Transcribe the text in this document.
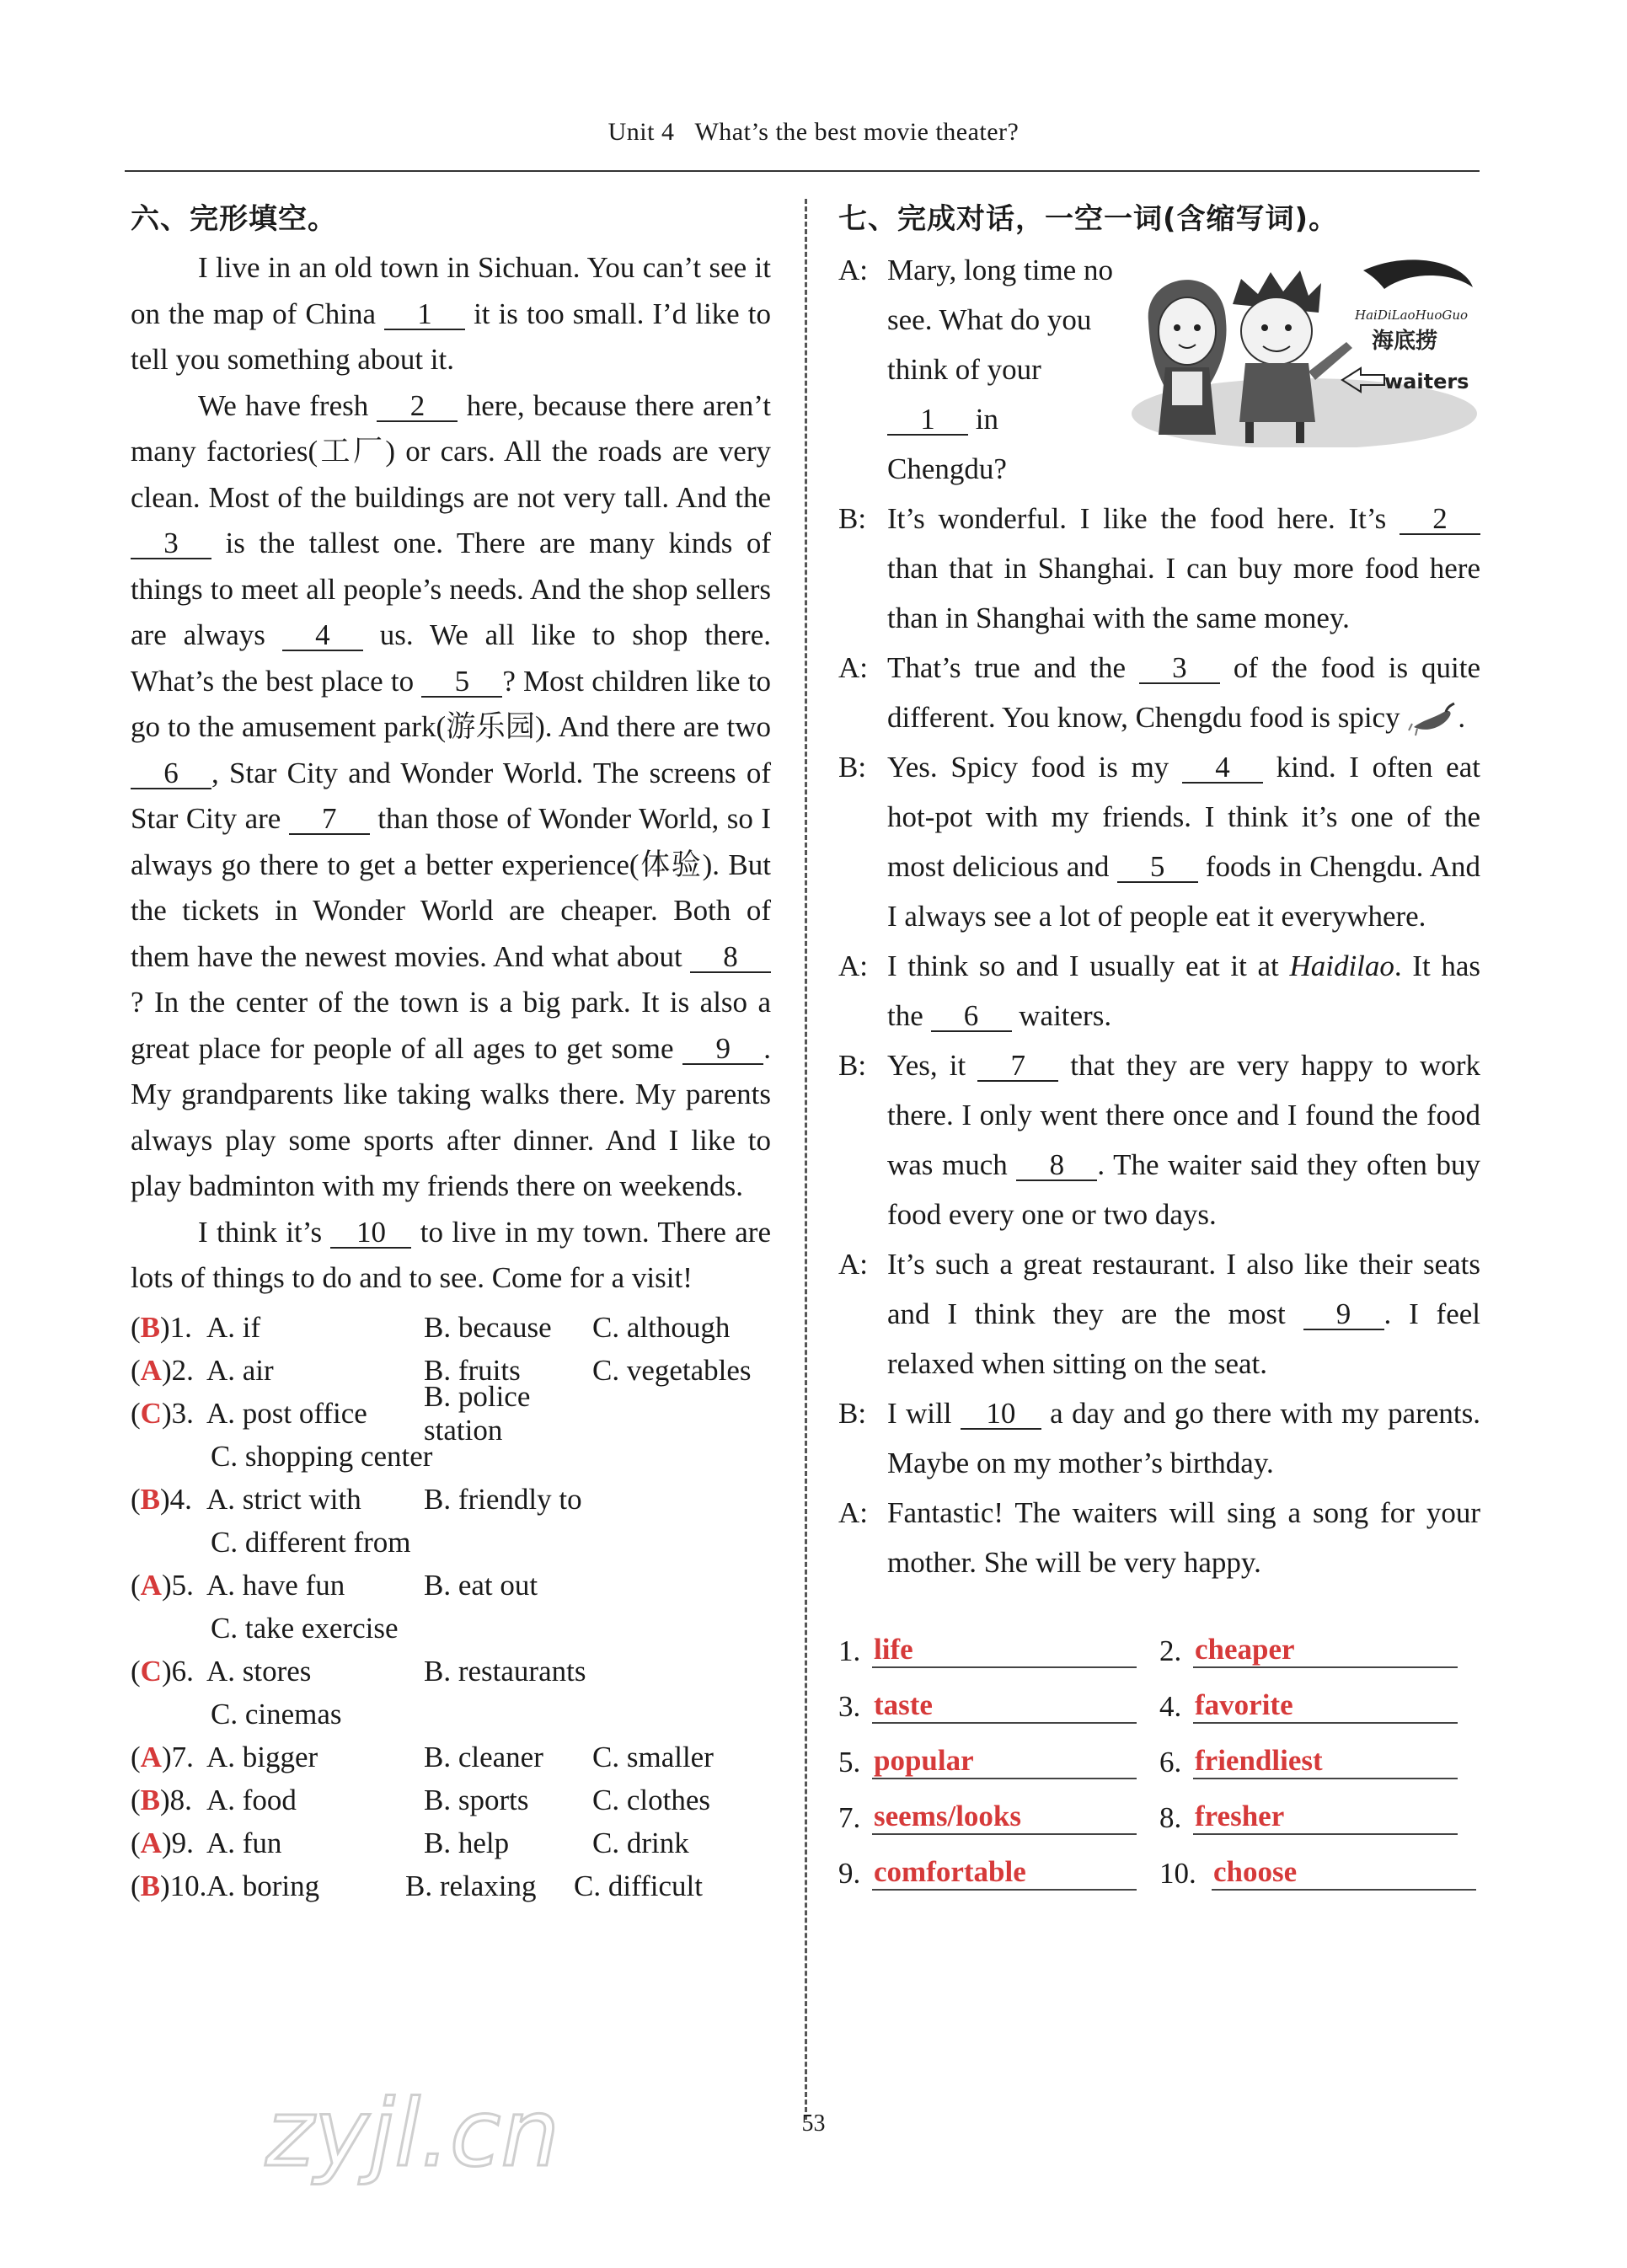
Unit 4 What’s the best movie theater?
六、完形填空。

I live in an old town in Sichuan. You can’t see it on the map of China 1 it is too small. I’d like to tell you something about it.

We have fresh 2 here, because there aren’t many factories(工厂) or cars. All the roads are very clean. Most of the buildings are not very tall. And the 3 is the tallest one. There are many kinds of things to meet all people’s needs. And the shop sellers are always 4 us. We all like to shop there. What’s the best place to 5 ? Most children like to go to the amusement park(游乐园). And there are two 6 , Star City and Wonder World. The screens of Star City are 7 than those of Wonder World, so I always go there to get a better experience(体验). But the tickets in Wonder World are cheaper. Both of them have the newest movies. And what about 8? In the center of the town is a big park. It is also a great place for people of all ages to get some 9 . My grandparents like taking walks there. My parents always play some sports after dinner. And I like to play badminton with my friends there on weekends.

I think it’s 10 to live in my town. There are lots of things to do and to see. Come for a visit!

(B)1. A. if	B. because	C. although
(A)2. A. air	B. fruits	C. vegetables
(C)3. A. post office
B. police station
C. shopping center
(B)4. A. strict with	B. friendly to
C. different from
(A)5. A. have fun	B. eat out
C. take exercise
(C)6. A. stores	B. restaurants
C. cinemas
(A)7. A. bigger	B. cleaner	C. smaller
(B)8. A. food	B. sports	C. clothes
(A)9. A. fun	B. help	C. drink
(B)10. A. boring	B. relaxing	C. difficult
七、完成对话，一空一词(含缩写词)。
A: Mary, long time no see. What do you think of your 1 in Chengdu?
HaiDiLaoHuoGuo
海底捞
waiters
B: It’s wonderful. I like the food here. It’s 2 than that in Shanghai. I can buy more food here than in Shanghai with the same money.
A: That’s true and the 3 of the food is quite different. You know, Chengdu food is spicy .
B: Yes. Spicy food is my 4 kind. I often eat hot-pot with my friends. I think it’s one of the most delicious and 5 foods in Chengdu. And I always see a lot of people eat it everywhere.
A: I think so and I usually eat it at Haidilao. It has the 6 waiters.
B: Yes, it 7 that they are very happy to work there. I only went there once and I found the food was much 8 . The waiter said they often buy food every one or two days.
A: It’s such a great restaurant. I also like their seats and I think they are the most 9 . I feel relaxed when sitting on the seat.
B: I will 10 a day and go there with my parents. Maybe on my mother’s birthday.
A: Fantastic! The waiters will sing a song for your mother. She will be very happy.
1. life	2. cheaper
3. taste	4. favorite
5. popular	6. friendliest
7. seems/looks	8. fresher
9. comfortable	10. choose
53
zyjl.cn
